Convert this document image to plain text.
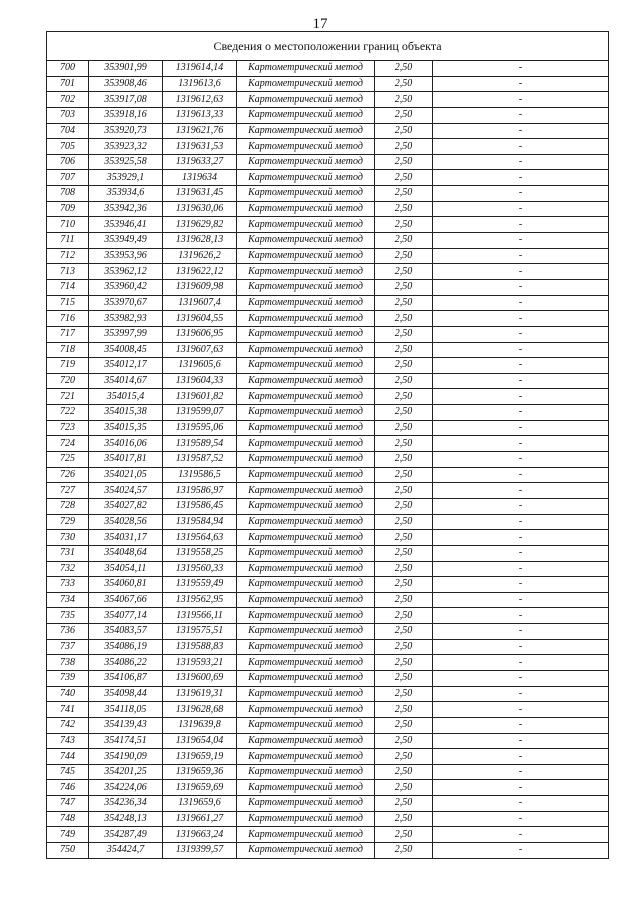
17
Сведения о местоположении границ объекта					
700	353901,99	1319614,14	Картометрический метод	2,50	-
701	353908,46	1319613,6	Картометрический метод	2,50	-
702	353917,08	1319612,63	Картометрический метод	2,50	-
703	353918,16	1319613,33	Картометрический метод	2,50	-
704	353920,73	1319621,76	Картометрический метод	2,50	-
705	353923,32	1319631,53	Картометрический метод	2,50	-
706	353925,58	1319633,27	Картометрический метод	2,50	-
707	353929,1	1319634	Картометрический метод	2,50	-
708	353934,6	1319631,45	Картометрический метод	2,50	-
709	353942,36	1319630,06	Картометрический метод	2,50	-
710	353946,41	1319629,82	Картометрический метод	2,50	-
711	353949,49	1319628,13	Картометрический метод	2,50	-
712	353953,96	1319626,2	Картометрический метод	2,50	-
713	353962,12	1319622,12	Картометрический метод	2,50	-
714	353960,42	1319609,98	Картометрический метод	2,50	-
715	353970,67	1319607,4	Картометрический метод	2,50	-
716	353982,93	1319604,55	Картометрический метод	2,50	-
717	353997,99	1319606,95	Картометрический метод	2,50	-
718	354008,45	1319607,63	Картометрический метод	2,50	-
719	354012,17	1319605,6	Картометрический метод	2,50	-
720	354014,67	1319604,33	Картометрический метод	2,50	-
721	354015,4	1319601,82	Картометрический метод	2,50	-
722	354015,38	1319599,07	Картометрический метод	2,50	-
723	354015,35	1319595,06	Картометрический метод	2,50	-
724	354016,06	1319589,54	Картометрический метод	2,50	-
725	354017,81	1319587,52	Картометрический метод	2,50	-
726	354021,05	1319586,5	Картометрический метод	2,50	-
727	354024,57	1319586,97	Картометрический метод	2,50	-
728	354027,82	1319586,45	Картометрический метод	2,50	-
729	354028,56	1319584,94	Картометрический метод	2,50	-
730	354031,17	1319564,63	Картометрический метод	2,50	-
731	354048,64	1319558,25	Картометрический метод	2,50	-
732	354054,11	1319560,33	Картометрический метод	2,50	-
733	354060,81	1319559,49	Картометрический метод	2,50	-
734	354067,66	1319562,95	Картометрический метод	2,50	-
735	354077,14	1319566,11	Картометрический метод	2,50	-
736	354083,57	1319575,51	Картометрический метод	2,50	-
737	354086,19	1319588,83	Картометрический метод	2,50	-
738	354086,22	1319593,21	Картометрический метод	2,50	-
739	354106,87	1319600,69	Картометрический метод	2,50	-
740	354098,44	1319619,31	Картометрический метод	2,50	-
741	354118,05	1319628,68	Картометрический метод	2,50	-
742	354139,43	1319639,8	Картометрический метод	2,50	-
743	354174,51	1319654,04	Картометрический метод	2,50	-
744	354190,09	1319659,19	Картометрический метод	2,50	-
745	354201,25	1319659,36	Картометрический метод	2,50	-
746	354224,06	1319659,69	Картометрический метод	2,50	-
747	354236,34	1319659,6	Картометрический метод	2,50	-
748	354248,13	1319661,27	Картометрический метод	2,50	-
749	354287,49	1319663,24	Картометрический метод	2,50	-
750	354424,7	1319399,57	Картометрический метод	2,50	-
